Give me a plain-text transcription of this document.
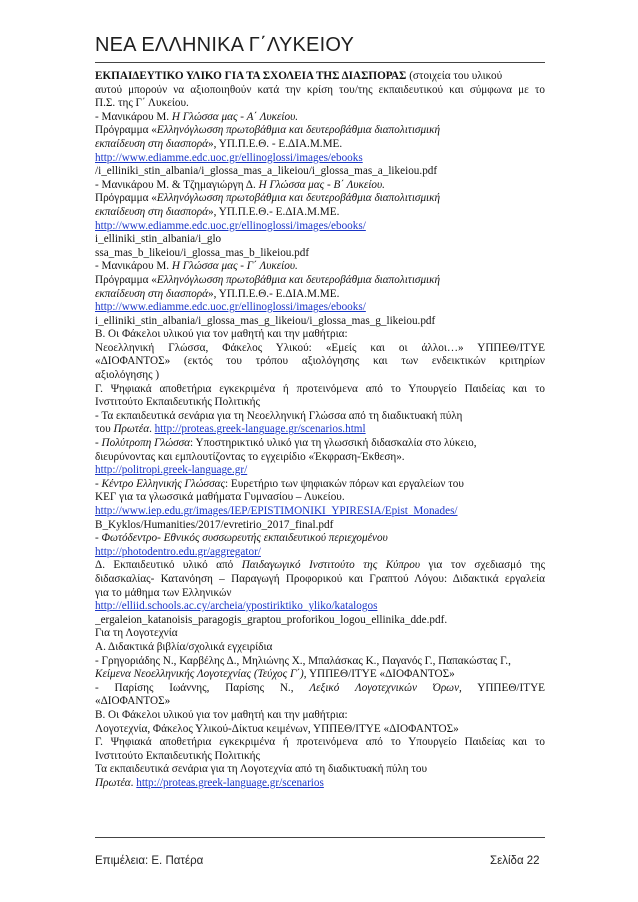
ΝΕΑ ΕΛΛΗΝΙΚΑ Γ΄ΛΥΚΕΙΟΥ
ΕΚΠΑΙΔΕΥΤΙΚΟ ΥΛΙΚΟ ΓΙΑ ΤΑ ΣΧΟΛΕΙΑ ΤΗΣ ΔΙΑΣΠΟΡΑΣ (στοιχεία του υλικού
αυτού μπορούν να αξιοποιηθούν κατά την κρίση του/της εκπαιδευτικού και σύμφωνα με το
Π.Σ. της Γ΄ Λυκείου.
- Μανικάρου Μ. Η Γλώσσα μας - Α΄ Λυκείου.
Πρόγραμμα «Ελληνόγλωσση πρωτοβάθμια και δευτεροβάθμια διαπολιτισμική
εκπαίδευση στη διασπορά», ΥΠ.Π.Ε.Θ. - Ε.ΔΙΑ.Μ.ΜΕ.
http://www.ediamme.edc.uoc.gr/ellinoglossi/images/ebooks
/i_elliniki_stin_albania/i_glossa_mas_a_likeiou/i_glossa_mas_a_likeiou.pdf
- Μανικάρου Μ. & Τζημαγιώργη Δ. Η Γλώσσα μας - Β΄ Λυκείου.
Πρόγραμμα «Ελληνόγλωσση πρωτοβάθμια και δευτεροβάθμια διαπολιτισμική
εκπαίδευση στη διασπορά», ΥΠ.Π.Ε.Θ.- Ε.ΔΙΑ.Μ.ΜΕ.
http://www.ediamme.edc.uoc.gr/ellinoglossi/images/ebooks/
i_elliniki_stin_albania/i_glo
ssa_mas_b_likeiou/i_glossa_mas_b_likeiou.pdf
- Μανικάρου Μ. Η Γλώσσα μας - Γ΄ Λυκείου.
Πρόγραμμα «Ελληνόγλωσση πρωτοβάθμια και δευτεροβάθμια διαπολιτισμική
εκπαίδευση στη διασπορά», ΥΠ.Π.Ε.Θ.- Ε.ΔΙΑ.Μ.ΜΕ.
http://www.ediamme.edc.uoc.gr/ellinoglossi/images/ebooks/
i_elliniki_stin_albania/i_glossa_mas_g_likeiou/i_glossa_mas_g_likeiou.pdf
Β. Οι Φάκελοι υλικού για τον μαθητή και την μαθήτρια:
Νεοελληνική Γλώσσα, Φάκελος Υλικού: «Εμείς και οι άλλοι…» ΥΠΠΕΘ/ΙΤΥΕ
«ΔΙΟΦΑΝΤΟΣ» (εκτός του τρόπου αξιολόγησης και των ενδεικτικών κριτηρίων
αξιολόγησης )
Γ. Ψηφιακά αποθετήρια εγκεκριμένα ή προτεινόμενα από το Υπουργείο Παιδείας και το
Ινστιτούτο Εκπαιδευτικής Πολιτικής
- Τα εκπαιδευτικά σενάρια για τη Νεοελληνική Γλώσσα από τη διαδικτυακή πύλη
του Πρωτέα. http://proteas.greek-language.gr/scenarios.html
- Πολύτροπη Γλώσσα: Υποστηρικτικό υλικό για τη γλωσσική διδασκαλία στο λύκειο,
διευρύνοντας και εμπλουτίζοντας το εγχειρίδιο «Έκφραση-Έκθεση».
http://politropi.greek-language.gr/
- Κέντρο Ελληνικής Γλώσσας: Ευρετήριο των ψηφιακών πόρων και εργαλείων του
ΚΕΓ για τα γλωσσικά μαθήματα Γυμνασίου – Λυκείου.
http://www.iep.edu.gr/images/IEP/EPISTIMONIKI_YPIRESIA/Epist_Monades/
B_Kyklos/Humanities/2017/evretirio_2017_final.pdf
- Φωτόδεντρο- Εθνικός συσσωρευτής εκπαιδευτικού περιεχομένου
http://photodentro.edu.gr/aggregator/
Δ. Εκπαιδευτικό υλικό από Παιδαγωγικό Ινστιτούτο της Κύπρου για τον σχεδιασμό της
διδασκαλίας- Κατανόηση – Παραγωγή Προφορικού και Γραπτού Λόγου: Διδακτικά εργαλεία
για το μάθημα των Ελληνικών
http://elliid.schools.ac.cy/archeia/ypostiriktiko_yliko/katalogos
_ergaleion_katanoisis_paragogis_graptou_proforikou_logou_ellinika_dde.pdf.
Για τη Λογοτεχνία
Α. Διδακτικά βιβλία/σχολικά εγχειρίδια
- Γρηγοριάδης Ν., Καρβέλης Δ., Μηλιώνης Χ., Μπαλάσκας Κ., Παγανός Γ., Παπακώστας Γ.,
Κείμενα Νεοελληνικής Λογοτεχνίας (Τεύχος Γ΄), ΥΠΠΕΘ/ΙΤΥΕ «ΔΙΟΦΑΝΤΟΣ»
- Παρίσης Ιωάννης, Παρίσης Ν., Λεξικό Λογοτεχνικών Όρων, ΥΠΠΕΘ/ΙΤΥΕ
«ΔΙΟΦΑΝΤΟΣ»
Β. Οι Φάκελοι υλικού για τον μαθητή και την μαθήτρια:
Λογοτεχνία, Φάκελος Υλικού-Δίκτυα κειμένων, ΥΠΠΕΘ/ΙΤΥΕ «ΔΙΟΦΑΝΤΟΣ»
Γ. Ψηφιακά αποθετήρια εγκεκριμένα ή προτεινόμενα από το Υπουργείο Παιδείας και το
Ινστιτούτο Εκπαιδευτικής Πολιτικής
Τα εκπαιδευτικά σενάρια για τη Λογοτεχνία από τη διαδικτυακή πύλη του
Πρωτέα. http://proteas.greek-language.gr/scenarios
Επιμέλεια: Ε. Πατέρα	Σελίδα 22
